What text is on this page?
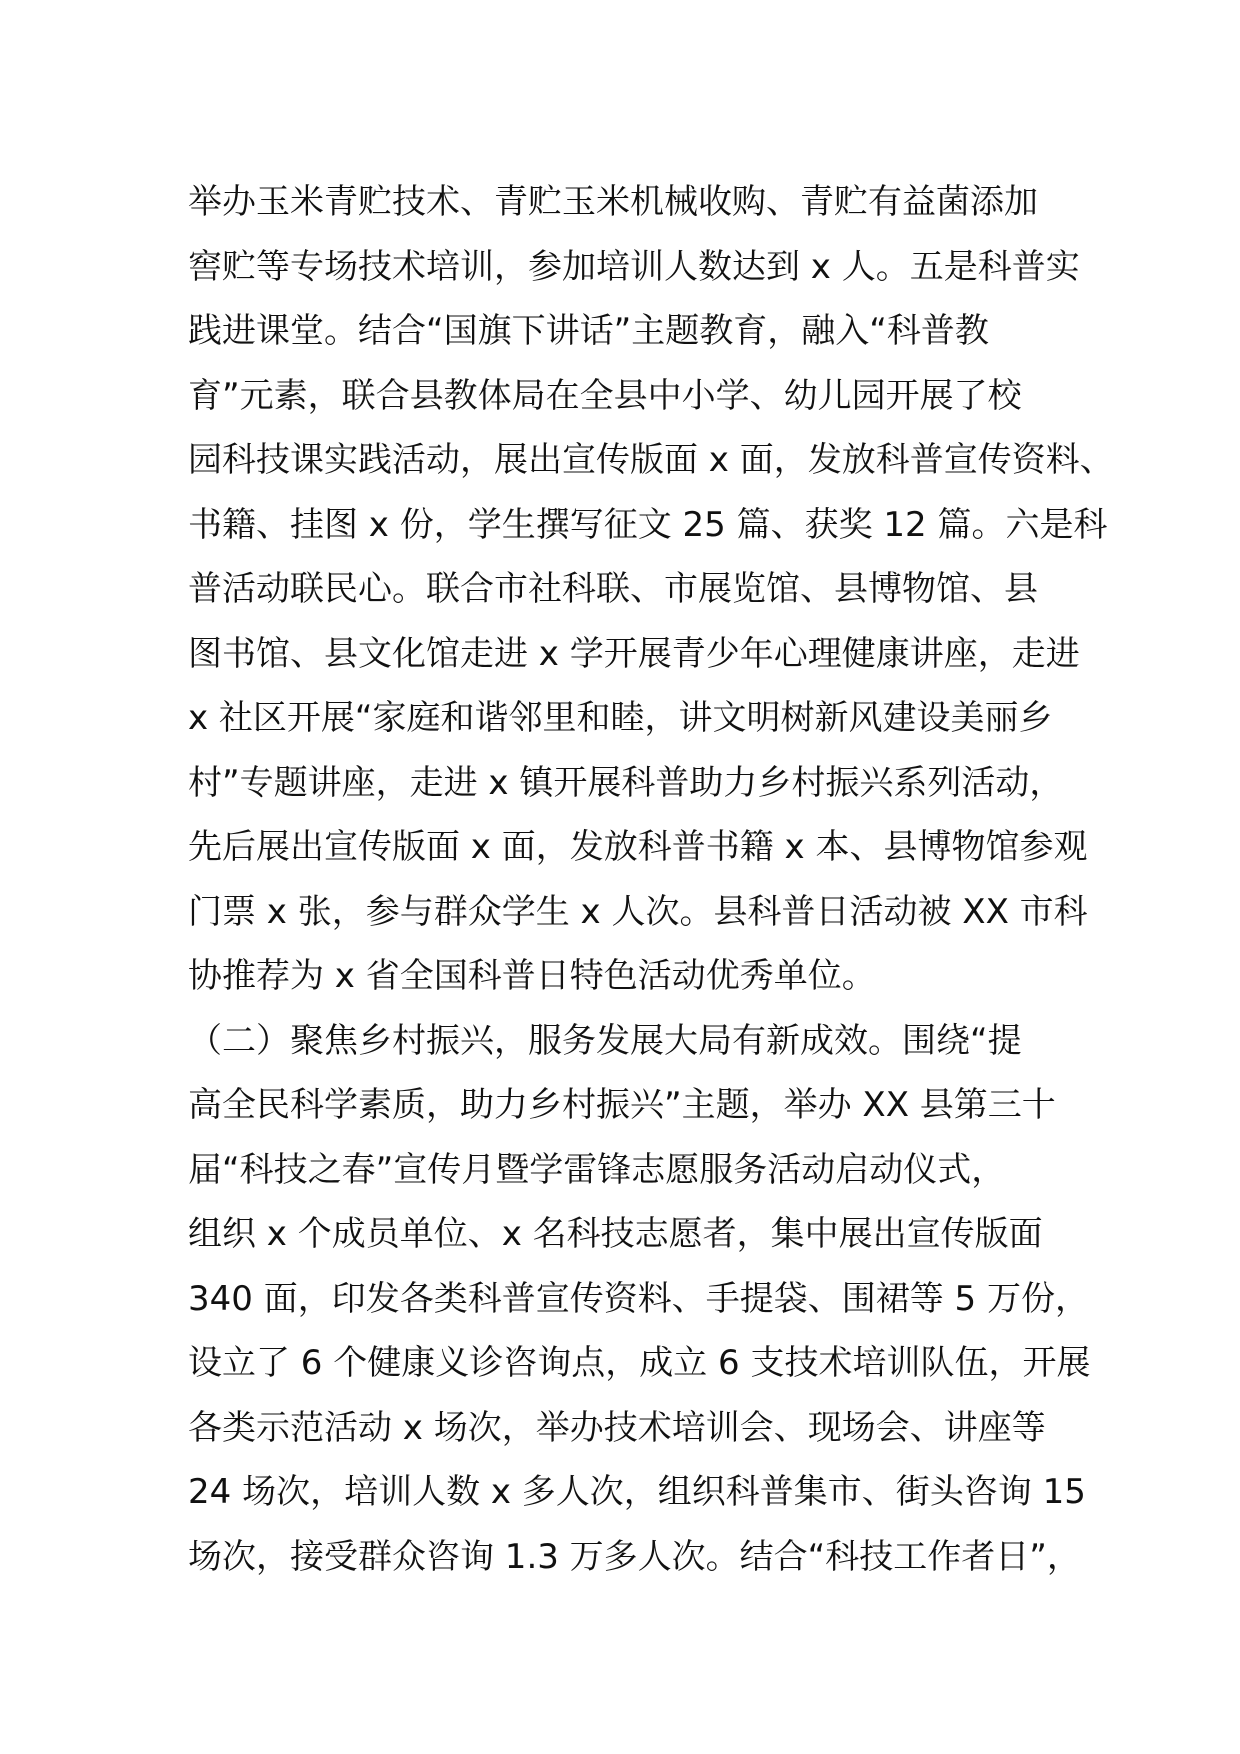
举办玉米青贮技术、青贮玉米机械收购、青贮有益菌添加
窖贮等专场技术培训，参加培训人数达到 x 人。五是科普实
践进课堂。结合“国旗下讲话”主题教育，融入“科普教
育”元素，联合县教体局在全县中小学、幼儿园开展了校
园科技课实践活动，展出宣传版面 x 面，发放科普宣传资料、
书籍、挂图 x 份，学生撰写征文 25 篇、获奖 12 篇。六是科
普活动联民心。联合市社科联、市展览馆、县博物馆、县
图书馆、县文化馆走进 x 学开展青少年心理健康讲座，走进
x 社区开展“家庭和谐邻里和睦，讲文明树新风建设美丽乡
村”专题讲座，走进 x 镇开展科普助力乡村振兴系列活动，
先后展出宣传版面 x 面，发放科普书籍 x 本、县博物馆参观
门票 x 张，参与群众学生 x 人次。县科普日活动被 XX 市科
协推荐为 x 省全国科普日特色活动优秀单位。
（二）聚焦乡村振兴，服务发展大局有新成效。围绕“提
高全民科学素质，助力乡村振兴”主题，举办 XX 县第三十
届“科技之春”宣传月暨学雷锋志愿服务活动启动仪式，
组织 x 个成员单位、x 名科技志愿者，集中展出宣传版面
340 面，印发各类科普宣传资料、手提袋、围裙等 5 万份，
设立了 6 个健康义诊咨询点，成立 6 支技术培训队伍，开展
各类示范活动 x 场次，举办技术培训会、现场会、讲座等
24 场次，培训人数 x 多人次，组织科普集市、街头咨询 15
场次，接受群众咨询 1.3 万多人次。结合“科技工作者日”，
